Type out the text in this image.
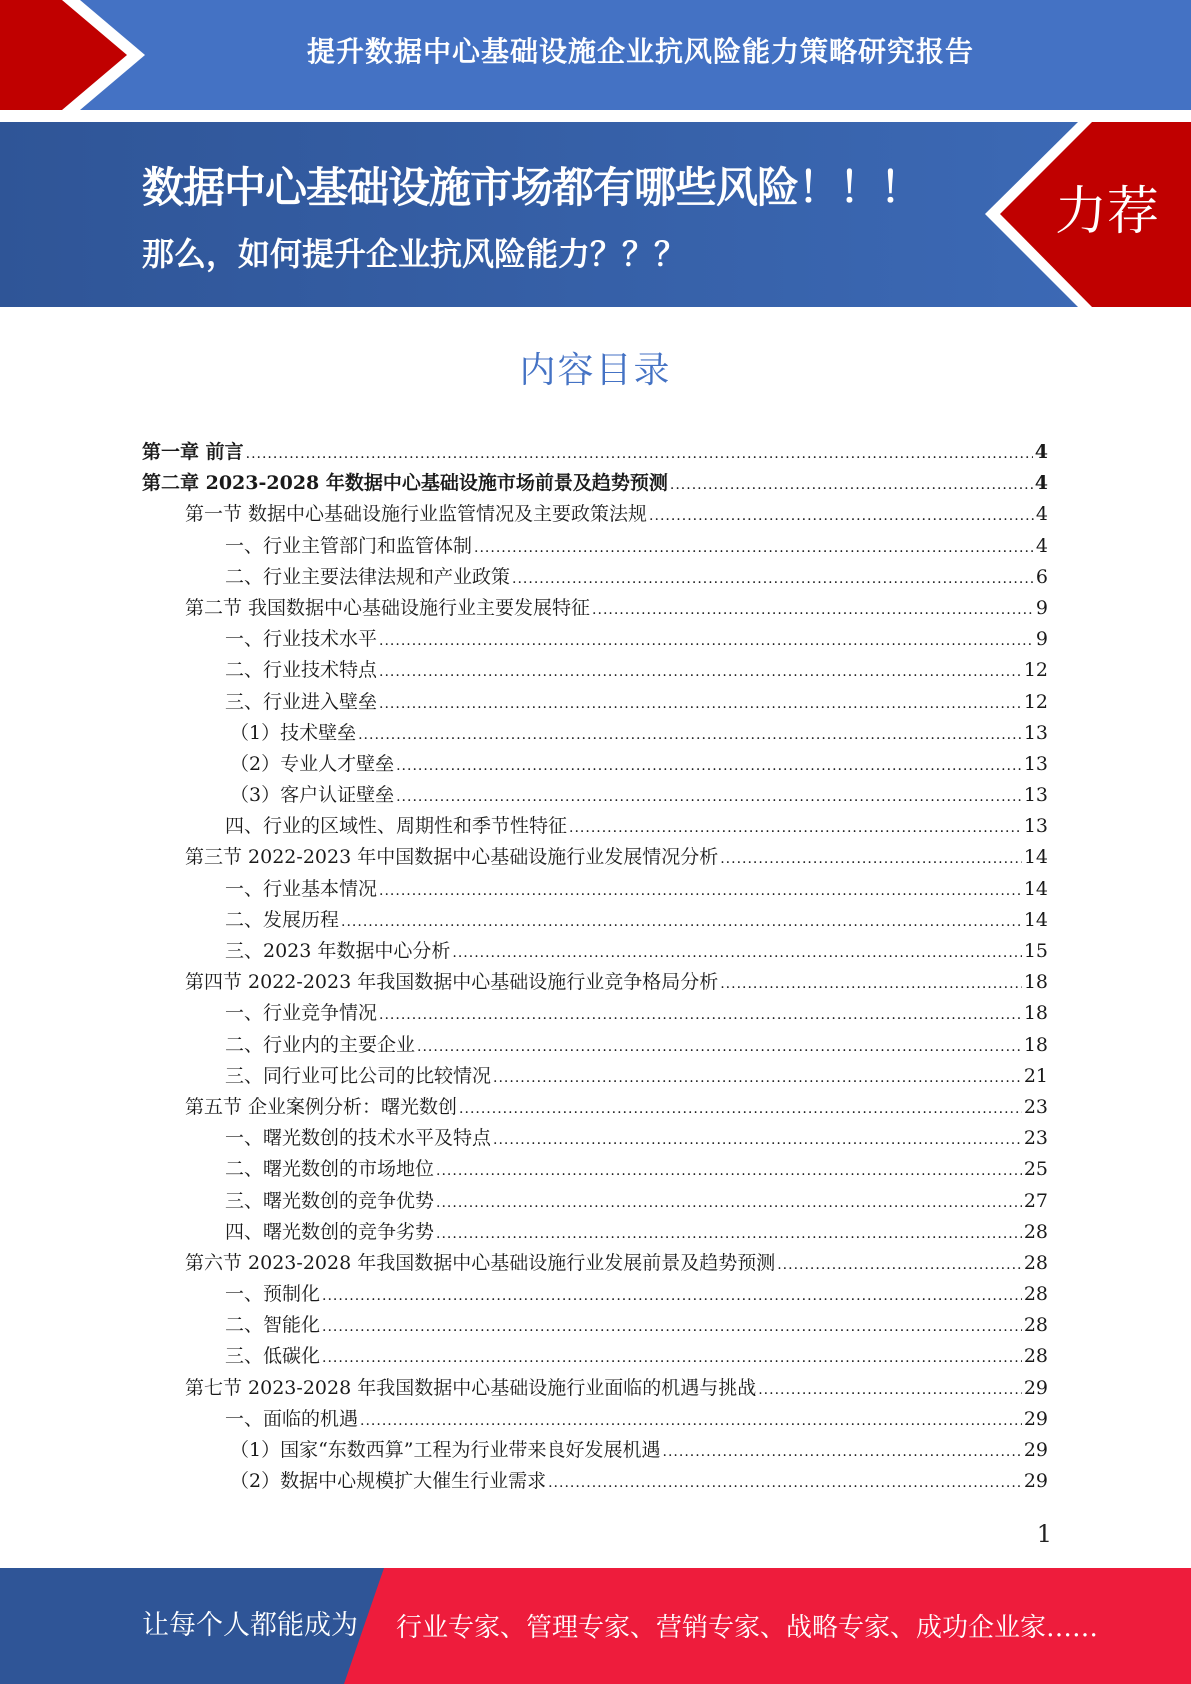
提升数据中心基础设施企业抗风险能力策略研究报告
数据中心基础设施市场都有哪些风险！！！
那么，如何提升企业抗风险能力？？？
力荐
内容目录
第一章 前言 .....	4
第二章 2023-2028 年数据中心基础设施市场前景及趋势预测 .....	4
第一节 数据中心基础设施行业监管情况及主要政策法规 .....	4
一、行业主管部门和监管体制 .....	4
二、行业主要法律法规和产业政策 .....	6
第二节 我国数据中心基础设施行业主要发展特征 .....	9
一、行业技术水平 .....	9
二、行业技术特点 .....	12
三、行业进入壁垒 .....	12
（1）技术壁垒 .....	13
（2）专业人才壁垒 .....	13
（3）客户认证壁垒 .....	13
四、行业的区域性、周期性和季节性特征 .....	13
第三节 2022-2023 年中国数据中心基础设施行业发展情况分析 .....	14
一、行业基本情况 .....	14
二、发展历程 .....	14
三、2023 年数据中心分析 .....	15
第四节 2022-2023 年我国数据中心基础设施行业竞争格局分析 .....	18
一、行业竞争情况 .....	18
二、行业内的主要企业 .....	18
三、同行业可比公司的比较情况 .....	21
第五节 企业案例分析：曙光数创 .....	23
一、曙光数创的技术水平及特点 .....	23
二、曙光数创的市场地位 .....	25
三、曙光数创的竞争优势 .....	27
四、曙光数创的竞争劣势 .....	28
第六节 2023-2028 年我国数据中心基础设施行业发展前景及趋势预测 .....	28
一、预制化 .....	28
二、智能化 .....	28
三、低碳化 .....	28
第七节 2023-2028 年我国数据中心基础设施行业面临的机遇与挑战 .....	29
一、面临的机遇 .....	29
（1）国家“东数西算”工程为行业带来良好发展机遇 .....	29
（2）数据中心规模扩大催生行业需求 .....	29
1
让每个人都能成为 行业专家、管理专家、营销专家、战略专家、成功企业家……
